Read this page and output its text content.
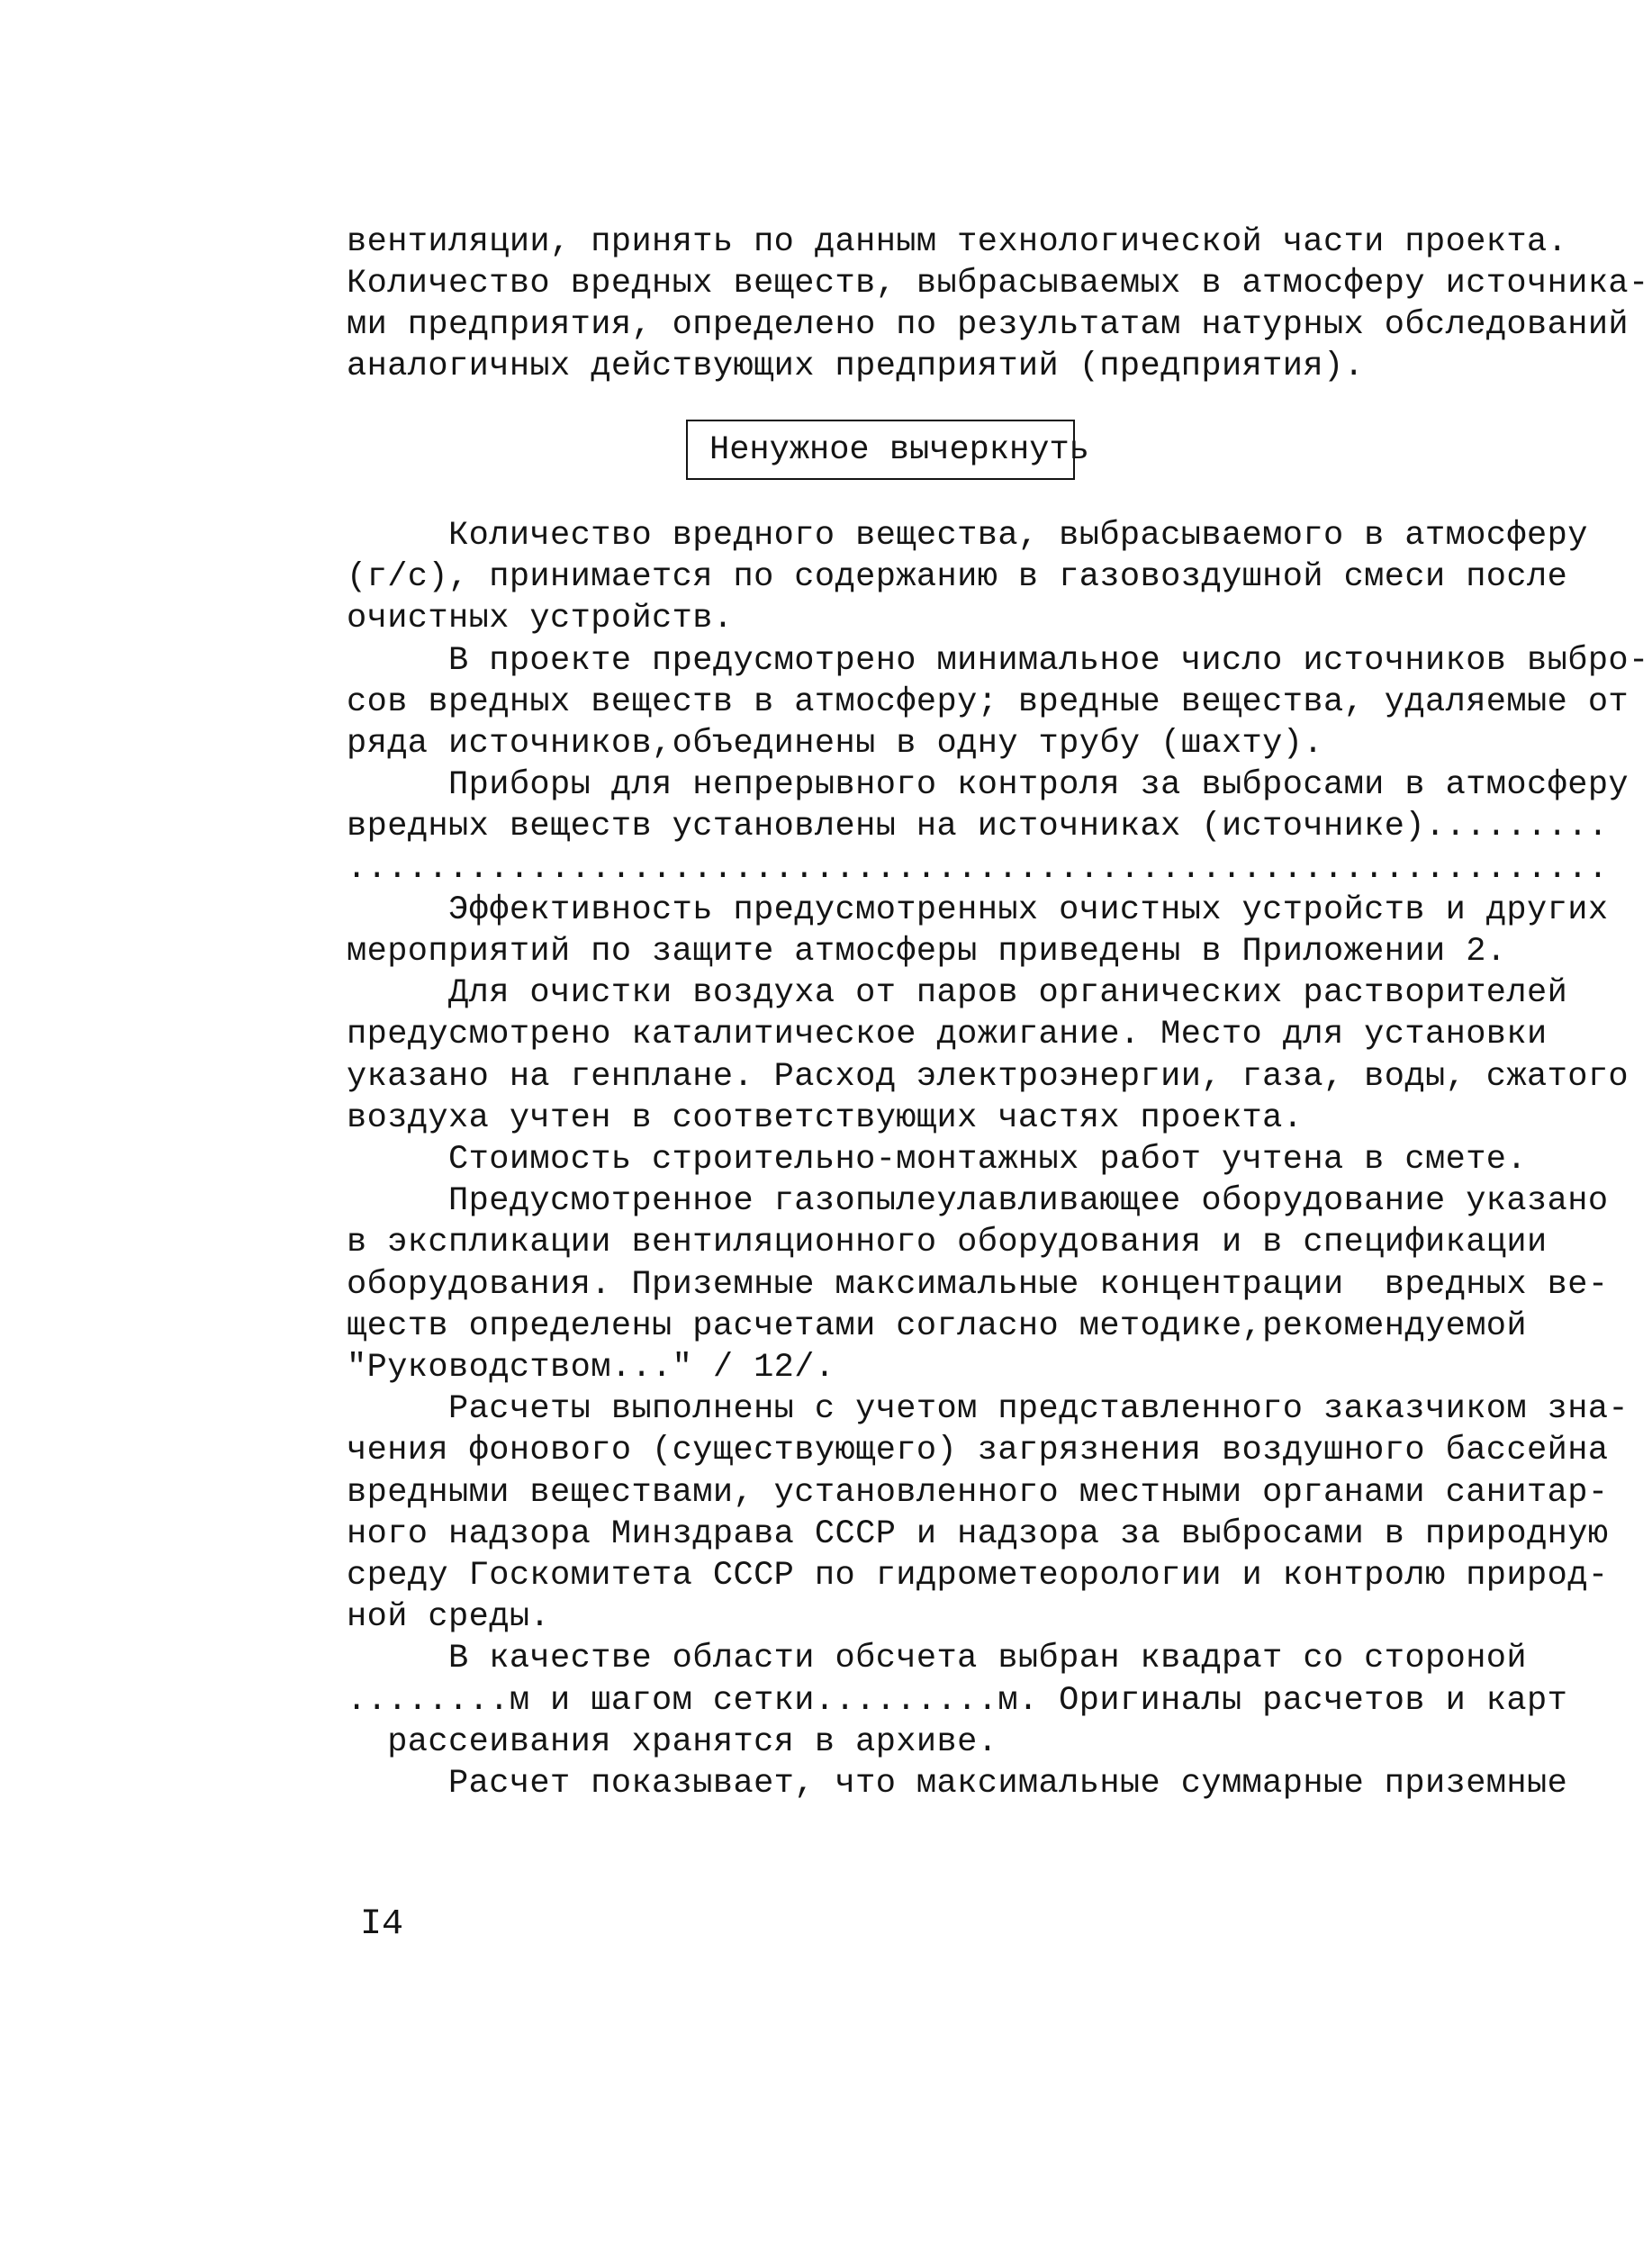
вентиляции, принять по данным технологической части проекта.
Количество вредных веществ, выбрасываемых в атмосферу источника-
ми предприятия, определено по результатам натурных обследований
аналогичных действующих предприятий (предприятия).
Ненужное вычеркнуть
Количество вредного вещества, выбрасываемого в атмосферу
(г/с), принимается по содержанию в газовоздушной смеси после
очистных устройств.
В проекте предусмотрено минимальное число источников выбро-
сов вредных веществ в атмосферу; вредные вещества, удаляемые от
ряда источников,объединены в одну трубу (шахту).
Приборы для непрерывного контроля за выбросами в атмосферу
вредных веществ установлены на источниках (источнике).........
..............................................................
Эффективность предусмотренных очистных устройств и других
мероприятий по защите атмосферы приведены в Приложении 2.
Для очистки воздуха от паров органических растворителей
предусмотрено каталитическое дожигание. Место для установки
указано на генплане. Расход электроэнергии, газа, воды, сжатого
воздуха учтен в соответствующих частях проекта.
Стоимость строительно-монтажных работ учтена в смете.
Предусмотренное газопылеулавливающее оборудование указано
в экспликации вентиляционного оборудования и в спецификации
оборудования. Приземные максимальные концентрации  вредных ве-
ществ определены расчетами согласно методике,рекомендуемой
"Руководством..." / 12/.
Расчеты выполнены с учетом представленного заказчиком зна-
чения фонового (существующего) загрязнения воздушного бассейна
вредными веществами, установленного местными органами санитар-
ного надзора Минздрава СССР и надзора за выбросами в природную
среду Госкомитета СССР по гидрометеорологии и контролю природ-
ной среды.
В качестве области обсчета выбран квадрат со стороной
........м и шагом сетки.........м. Оригиналы расчетов и карт
рассеивания хранятся в архиве.
Расчет показывает, что максимальные суммарные приземные
I4
